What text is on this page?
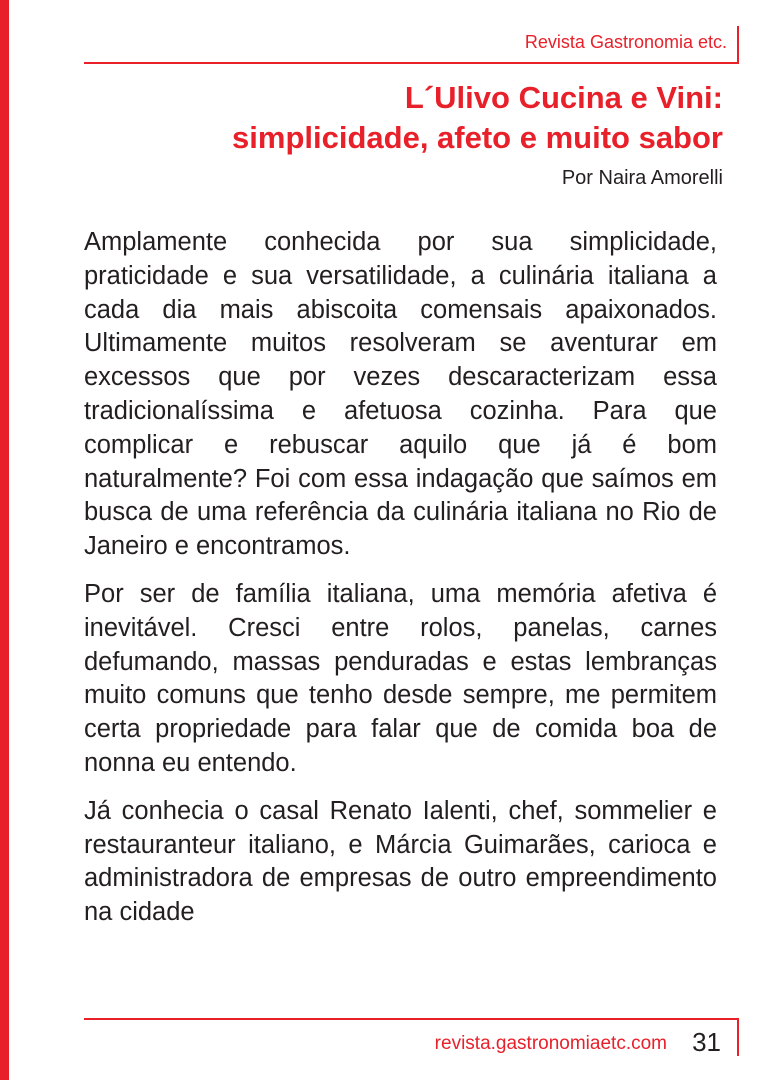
Revista Gastronomia etc.
L´Ulivo Cucina e Vini:
simplicidade, afeto e muito sabor
Por Naira Amorelli

Amplamente conhecida por sua simplicidade, praticidade e sua versatilidade, a culinária italiana a cada dia mais abiscoita comensais apaixonados. Ultimamente muitos resolveram se aventurar em excessos que por vezes descaracterizam essa tradicionalíssima e afetuosa cozinha. Para que complicar e rebuscar aquilo que já é bom naturalmente? Foi com essa indagação que saímos em busca de uma referência da culinária italiana no Rio de Janeiro e encontramos.

Por ser de família italiana, uma memória afetiva é inevitável. Cresci entre rolos, panelas, carnes defumando, massas penduradas e estas lembranças muito comuns que tenho desde sempre, me permitem certa propriedade para falar que de comida boa de nonna eu entendo.

Já conhecia o casal Renato Ialenti, chef, sommelier e restauranteur italiano, e Márcia Guimarães, carioca e administradora de empresas de outro empreendimento na cidade

revista.gastronomiaetc.com 31
